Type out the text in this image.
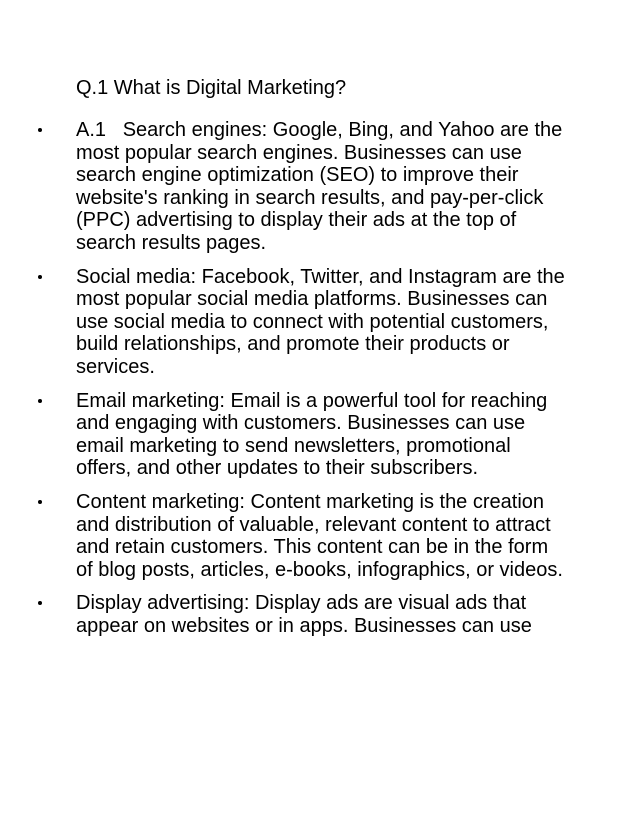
Q.1 What is Digital Marketing?

A.1   Search engines: Google, Bing, and Yahoo are the most popular search engines. Businesses can use search engine optimization (SEO) to improve their website's ranking in search results, and pay-per-click (PPC) advertising to display their ads at the top of search results pages.
Social media: Facebook, Twitter, and Instagram are the most popular social media platforms. Businesses can use social media to connect with potential customers, build relationships, and promote their products or services.
Email marketing: Email is a powerful tool for reaching and engaging with customers. Businesses can use email marketing to send newsletters, promotional offers, and other updates to their subscribers.
Content marketing: Content marketing is the creation and distribution of valuable, relevant content to attract and retain customers. This content can be in the form of blog posts, articles, e-books, infographics, or videos.
Display advertising: Display ads are visual ads that appear on websites or in apps. Businesses can use
